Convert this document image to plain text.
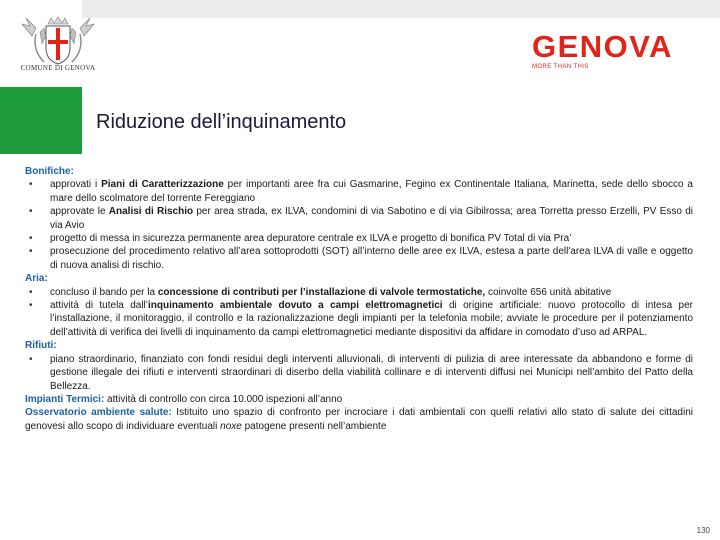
COMUNE DI GENOVA
GENOVA
MORE THAN THIS
Riduzione dell’inquinamento

Bonifiche:

• approvati i Piani di Caratterizzazione per importanti aree fra cui Gasmarine, Fegino ex Continentale Italiana, Marinetta, sede dello sbocco a mare dello scolmatore del torrente Fereggiano

• approvate le Analisi di Rischio per area strada, ex ILVA, condomini di via Sabotino e di via Gibilrossa; area Torretta presso Erzelli, PV Esso di via Avio

• progetto di messa in sicurezza permanente area depuratore centrale ex ILVA e progetto di bonifica PV Total di via Pra’

• prosecuzione del procedimento relativo all’area sottoprodotti (SOT) all’interno delle aree ex ILVA, estesa a parte dell'area ILVA di valle e oggetto di nuova analisi di rischio.

Aria:

• concluso il bando per la concessione di contributi per l’installazione di valvole termostatiche, coinvolte 656 unità abitative

• attività di tutela dall’inquinamento ambientale dovuto a campi elettromagnetici di origine artificiale: nuovo protocollo di intesa per l’installazione, il monitoraggio, il controllo e la razionalizzazione degli impianti per la telefonia mobile; avviate le procedure per il potenziamento dell’attività di verifica dei livelli di inquinamento da campi elettromagnetici mediante dispositivi da affidare in comodato d’uso ad ARPAL.

Rifiuti:

• piano straordinario, finanziato con fondi residui degli interventi alluvionali, di interventi di pulizia di aree interessate da abbandono e forme di gestione illegale dei rifiuti e interventi straordinari di diserbo della viabilità collinare e di interventi diffusi nei Municipi nell’ambito del Patto della Bellezza.

Impianti Termici: attività di controllo con circa 10.000 ispezioni all’anno

Osservatorio ambiente salute: Istituito uno spazio di confronto per incrociare i dati ambientali con quelli relativi allo stato di salute dei cittadini genovesi allo scopo di individuare eventuali noxe patogene presenti nell’ambiente

130
